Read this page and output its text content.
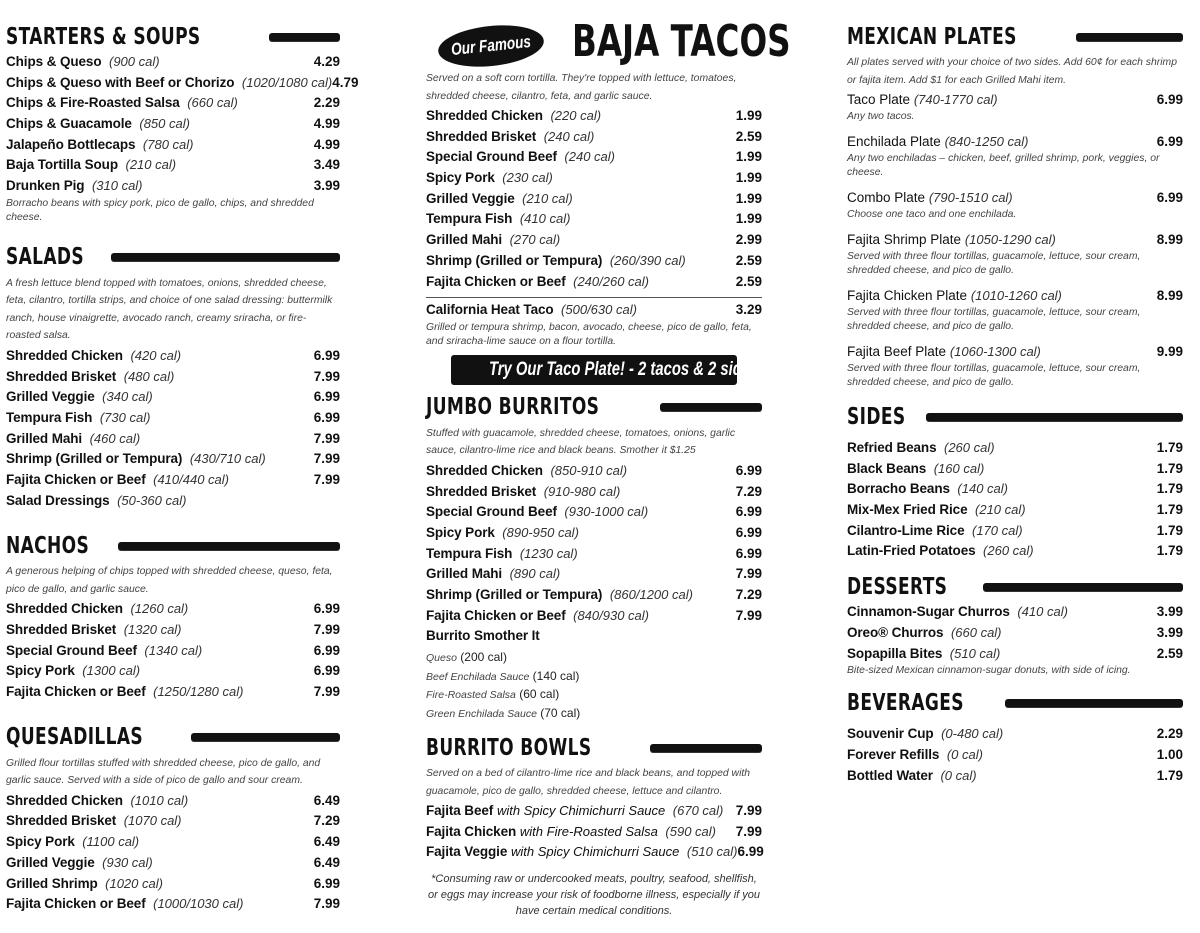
STARTERS & SOUPS
Chips & Queso (900 cal)	4.29
Chips & Queso with Beef or Chorizo (1020/1080 cal) 4.79
Chips & Fire-Roasted Salsa (660 cal)	2.29
Chips & Guacamole (850 cal)	4.99
Jalapeño Bottlecaps (780 cal)	4.99
Baja Tortilla Soup (210 cal)	3.49
Drunken Pig (310 cal)	3.99
Borracho beans with spicy pork, pico de gallo, chips, and shredded cheese.
SALADS
A fresh lettuce blend topped with tomatoes, onions, shredded cheese, feta, cilantro, tortilla strips, and choice of one salad dressing: buttermilk ranch, house vinaigrette, avocado ranch, creamy sriracha, or fire-roasted salsa.
Shredded Chicken (420 cal)	6.99
Shredded Brisket (480 cal)	7.99
Grilled Veggie (340 cal)	6.99
Tempura Fish (730 cal)	6.99
Grilled Mahi (460 cal)	7.99
Shrimp (Grilled or Tempura) (430/710 cal)	7.99
Fajita Chicken or Beef (410/440 cal)	7.99
Salad Dressings (50-360 cal)
NACHOS
A generous helping of chips topped with shredded cheese, queso, feta, pico de gallo, and garlic sauce.
Shredded Chicken (1260 cal)	6.99
Shredded Brisket (1320 cal)	7.99
Special Ground Beef (1340 cal)	6.99
Spicy Pork (1300 cal)	6.99
Fajita Chicken or Beef (1250/1280 cal)	7.99
QUESADILLAS
Grilled flour tortillas stuffed with shredded cheese, pico de gallo, and garlic sauce. Served with a side of pico de gallo and sour cream.
Shredded Chicken (1010 cal)	6.49
Shredded Brisket (1070 cal)	7.29
Spicy Pork (1100 cal)	6.49
Grilled Veggie (930 cal)	6.49
Grilled Shrimp (1020 cal)	6.99
Fajita Chicken or Beef (1000/1030 cal)	7.99
Our Famous BAJA TACOS
Served on a soft corn tortilla. They're topped with lettuce, tomatoes, shredded cheese, cilantro, feta, and garlic sauce.
Shredded Chicken (220 cal)	1.99
Shredded Brisket (240 cal)	2.59
Special Ground Beef (240 cal)	1.99
Spicy Pork (230 cal)	1.99
Grilled Veggie (210 cal)	1.99
Tempura Fish (410 cal)	1.99
Grilled Mahi (270 cal)	2.99
Shrimp (Grilled or Tempura) (260/390 cal)	2.59
Fajita Chicken or Beef (240/260 cal)	2.59
California Heat Taco (500/630 cal)	3.29
Grilled or tempura shrimp, bacon, avocado, cheese, pico de gallo, feta, and sriracha-lime sauce on a flour tortilla.
Try Our Taco Plate! - 2 tacos & 2 sides
JUMBO BURRITOS
Stuffed with guacamole, shredded cheese, tomatoes, onions, garlic sauce, cilantro-lime rice and black beans. Smother it $1.25
Shredded Chicken (850-910 cal)	6.99
Shredded Brisket (910-980 cal)	7.29
Special Ground Beef (930-1000 cal)	6.99
Spicy Pork (890-950 cal)	6.99
Tempura Fish (1230 cal)	6.99
Grilled Mahi (890 cal)	7.99
Shrimp (Grilled or Tempura) (860/1200 cal)	7.29
Fajita Chicken or Beef (840/930 cal)	7.99
Burrito Smother It
Queso (200 cal)
Beef Enchilada Sauce (140 cal)
Fire-Roasted Salsa (60 cal)
Green Enchilada Sauce (70 cal)
BURRITO BOWLS
Served on a bed of cilantro-lime rice and black beans, and topped with guacamole, pico de gallo, shredded cheese, lettuce and cilantro.
Fajita Beef with Spicy Chimichurri Sauce (670 cal) 7.99
Fajita Chicken with Fire-Roasted Salsa (590 cal) 7.99
Fajita Veggie with Spicy Chimichurri Sauce (510 cal) 6.99
*Consuming raw or undercooked meats, poultry, seafood, shellfish, or eggs may increase your risk of foodborne illness, especially if you have certain medical conditions.
MEXICAN PLATES
All plates served with your choice of two sides. Add 60¢ for each shrimp or fajita item. Add $1 for each Grilled Mahi item.
Taco Plate (740-1770 cal)	6.99
Any two tacos.
Enchilada Plate (840-1250 cal)	6.99
Any two enchiladas – chicken, beef, grilled shrimp, pork, veggies, or cheese.
Combo Plate (790-1510 cal)	6.99
Choose one taco and one enchilada.
Fajita Shrimp Plate (1050-1290 cal)	8.99
Served with three flour tortillas, guacamole, lettuce, sour cream, shredded cheese, and pico de gallo.
Fajita Chicken Plate (1010-1260 cal)	8.99
Served with three flour tortillas, guacamole, lettuce, sour cream, shredded cheese, and pico de gallo.
Fajita Beef Plate (1060-1300 cal)	9.99
Served with three flour tortillas, guacamole, lettuce, sour cream, shredded cheese, and pico de gallo.
SIDES
Refried Beans (260 cal)	1.79
Black Beans (160 cal)	1.79
Borracho Beans (140 cal)	1.79
Mix-Mex Fried Rice (210 cal)	1.79
Cilantro-Lime Rice (170 cal)	1.79
Latin-Fried Potatoes (260 cal)	1.79
DESSERTS
Cinnamon-Sugar Churros (410 cal)	3.99
Oreo® Churros (660 cal)	3.99
Sopapilla Bites (510 cal)	2.59
Bite-sized Mexican cinnamon-sugar donuts, with side of icing.
BEVERAGES
Souvenir Cup (0-480 cal)	2.29
Forever Refills (0 cal)	1.00
Bottled Water (0 cal)	1.79
